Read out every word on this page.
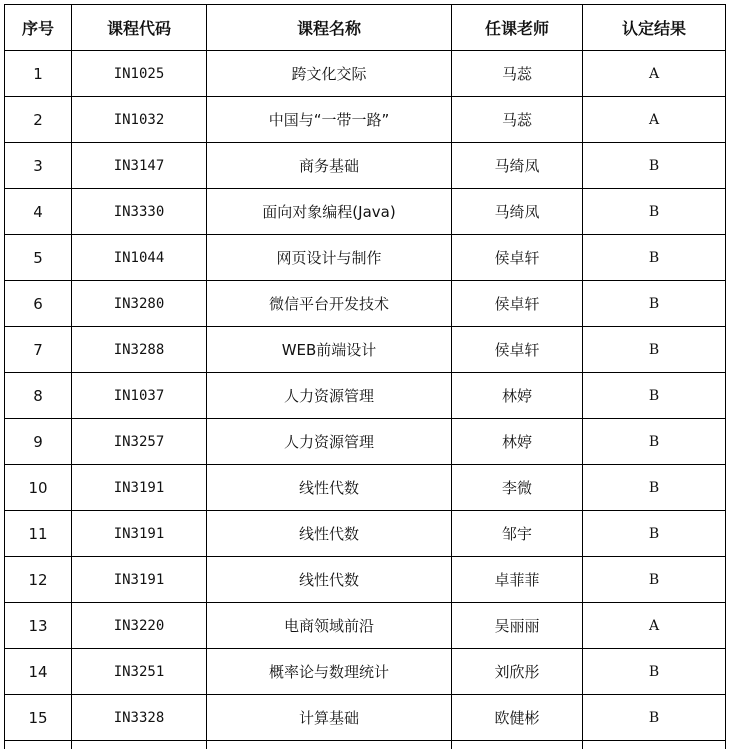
序号	课程代码	课程名称	任课老师	认定结果
1	IN1025	跨文化交际	马蕊	A
2	IN1032	中国与“一带一路”	马蕊	A
3	IN3147	商务基础	马绮凤	B
4	IN3330	面向对象编程(Java)	马绮凤	B
5	IN1044	网页设计与制作	侯卓轩	B
6	IN3280	微信平台开发技术	侯卓轩	B
7	IN3288	WEB前端设计	侯卓轩	B
8	IN1037	人力资源管理	林婷	B
9	IN3257	人力资源管理	林婷	B
10	IN3191	线性代数	李微	B
11	IN3191	线性代数	邹宇	B
12	IN3191	线性代数	卓菲菲	B
13	IN3220	电商领域前沿	吴丽丽	A
14	IN3251	概率论与数理统计	刘欣彤	B
15	IN3328	计算基础	欧健彬	B
